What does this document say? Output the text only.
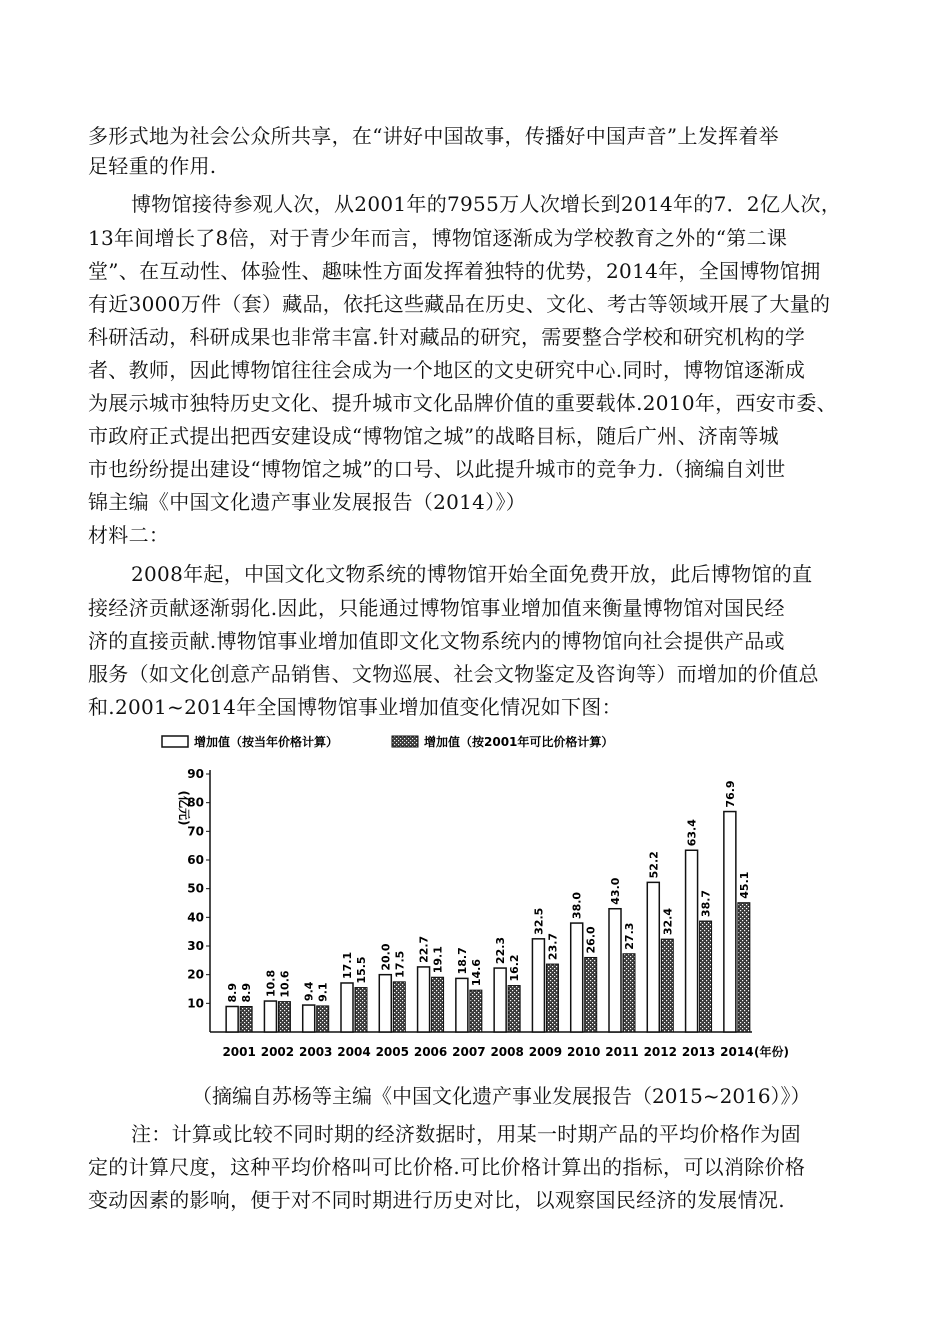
多形式地为社会公众所共享，在“讲好中国故事，传播好中国声音”上发挥着举
足轻重的作用.
博物馆接待参观人次，从2001年的7955万人次增长到2014年的7．2亿人次，
13年间增长了8倍，对于青少年而言，博物馆逐渐成为学校教育之外的“第二课
堂”、在互动性、体验性、趣味性方面发挥着独特的优势，2014年，全国博物馆拥
有近3000万件（套）藏品，依托这些藏品在历史、文化、考古等领域开展了大量的
科研活动，科研成果也非常丰富.针对藏品的研究，需要整合学校和研究机构的学
者、教师，因此博物馆往往会成为一个地区的文史研究中心.同时，博物馆逐渐成
为展示城市独特历史文化、提升城市文化品牌价值的重要载体.2010年，西安市委、
市政府正式提出把西安建设成“博物馆之城”的战略目标，随后广州、济南等城
市也纷纷提出建设“博物馆之城”的口号、以此提升城市的竞争力.（摘编自刘世
锦主编《中国文化遗产事业发展报告（2014）》）
材料二：
2008年起，中国文化文物系统的博物馆开始全面免费开放，此后博物馆的直
接经济贡献逐渐弱化.因此，只能通过博物馆事业增加值来衡量博物馆对国民经
济的直接贡献.博物馆事业增加值即文化文物系统内的博物馆向社会提供产品或
服务（如文化创意产品销售、文物巡展、社会文物鉴定及咨询等）而增加的价值总
和.2001~2014年全国博物馆事业增加值变化情况如下图：
增加值（按当年价格计算）	增加值（按2001年可比价格计算）
(亿元)
10
20
30
40
50
60
70
80
90
8.9 8.9
2001
10.8 10.6
2002
9.4 9.1
2003
17.1 15.5
2004
20.0 17.5
2005
22.7 19.1
2006
18.7 14.6
2007
22.3
16.2
2008
32.5
23.7
2009
38.0
26.0
2010
43.0
27.3
2011
52.2
32.4
2012
63.4
38.7
2013
76.9
45.1
2014 (年份)
（摘编自苏杨等主编《中国文化遗产事业发展报告（2015~2016）》）
注：计算或比较不同时期的经济数据时，用某一时期产品的平均价格作为固
定的计算尺度，这种平均价格叫可比价格.可比价格计算出的指标，可以消除价格
变动因素的影响，便于对不同时期进行历史对比，以观察国民经济的发展情况.
